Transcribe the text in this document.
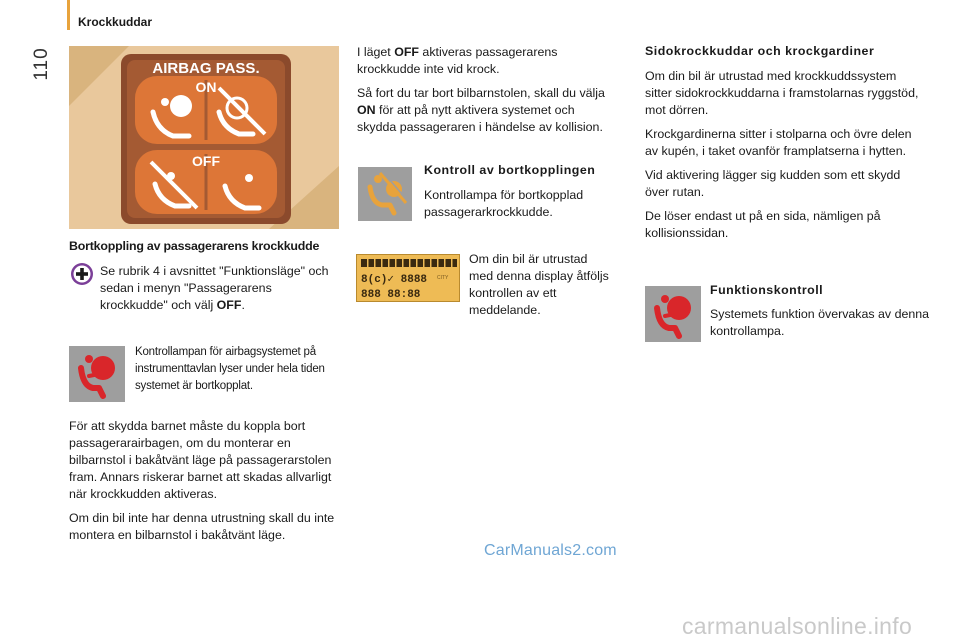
110
Krockkuddar
AIRBAG PASS.
ON
OFF
Bortkoppling av passagerarens krockkudde
Se rubrik 4 i avsnittet "Funktionsläge" och sedan i menyn "Passagerarens krockkudde" och välj OFF.
Kontrollampan för airbagsystemet på instrumenttavlan lyser under hela tiden systemet är bortkopplat.

För att skydda barnet måste du koppla bort passagerarairbagen, om du monterar en bilbarnstol i bakåtvänt läge på passagerarstolen fram. Annars riskerar barnet att skadas allvarligt när krockkudden aktiveras.

Om din bil inte har denna utrustning skall du inte montera en bilbarnstol i bakåtvänt läge.

I läget OFF aktiveras passagerarens krockkudde inte vid krock.

Så fort du tar bort bilbarnstolen, skall du välja ON för att på nytt aktivera systemet och skydda passageraren i händelse av kollision.

Kontroll av bortkopplingen
Kontrollampa för bortkopplad passagerarkrockkudde.
8(c)✓ 8888 CITY
888 88:88
Om din bil är utrustad med denna display åtföljs kontrollen av ett meddelande.
Sidokrockkuddar och krockgardiner

Om din bil är utrustad med krockkuddssystem sitter sidokrockkuddarna i framstolarnas ryggstöd, mot dörren.

Krockgardinerna sitter i stolparna och övre delen av kupén, i taket ovanför framplatserna i hytten.

Vid aktivering lägger sig kudden som ett skydd över rutan.

De löser endast ut på en sida, nämligen på kollisionssidan.

Funktionskontroll
Systemets funktion övervakas av denna kontrollampa.
CarManuals2.com
carmanualsonline.info
